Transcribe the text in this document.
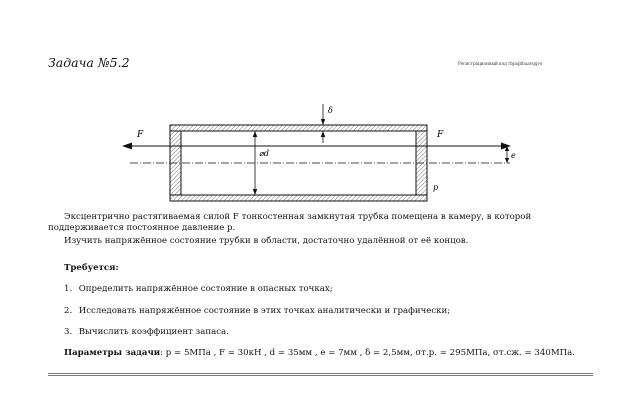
Задача №5.2	Регистрационный код rbjaqbbaavqqvo
F	F
δ
⌀d	e
p
Эксцентрично растягиваемая силой F тонкостенная замкнутая трубка помещена в камеру, в которой поддерживается постоянное давление p.
Изучить напряжённое состояние трубки в области, достаточно удалённой от её концов.
Требуется:
1. Определить напряжённое состояние в опасных точках;
2. Исследовать напряжённое состояние в этих точках аналитически и графически;
3. Вычислить коэффициент запаса.
Параметры задачи: p = 5МПа , F = 30кН , d = 35мм , e = 7мм , δ = 2,5мм, σт.р. = 295МПа, σт.сж. = 340МПа.
